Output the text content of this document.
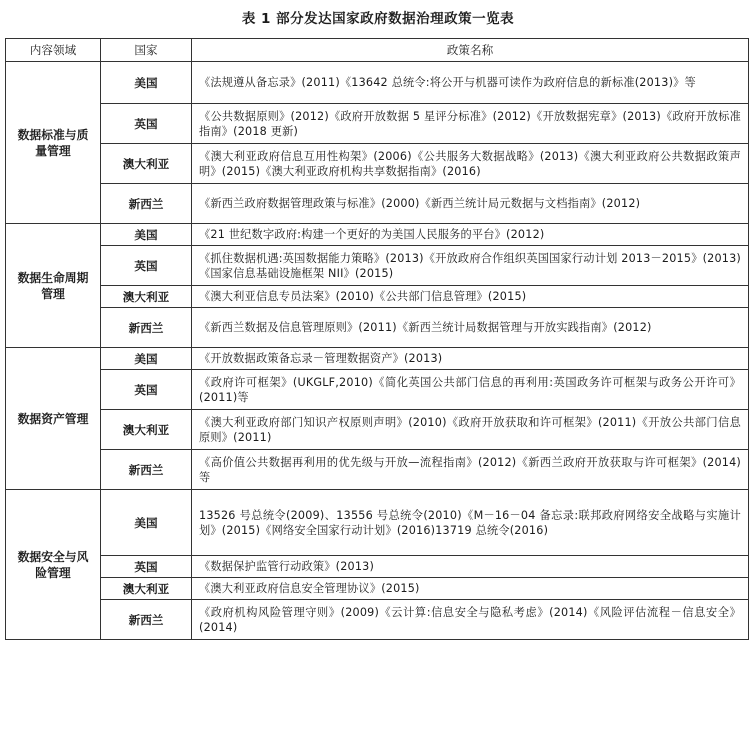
表 1 部分发达国家政府数据治理政策一览表
内容领域	国家	政策名称
数据标准与质量管理	美国	《法规遵从备忘录》(2011)《13642 总统令:将公开与机器可读作为政府信息的新标准(2013)》等
	英国	《公共数据原则》(2012)《政府开放数据 5 星评分标准》(2012)《开放数据宪章》(2013)《政府开放标准指南》(2018 更新)
	澳大利亚	《澳大利亚政府信息互用性构架》(2006)《公共服务大数据战略》(2013)《澳大利亚政府公共数据政策声明》(2015)《澳大利亚政府机构共享数据指南》(2016)
	新西兰	《新西兰政府数据管理政策与标准》(2000)《新西兰统计局元数据与文档指南》(2012)
数据生命周期管理	美国	《21 世纪数字政府:构建一个更好的为美国人民服务的平台》(2012)
	英国	《抓住数据机遇:英国数据能力策略》(2013)《开放政府合作组织英国国家行动计划 2013－2015》(2013)《国家信息基础设施框架 NII》(2015)
	澳大利亚	《澳大利亚信息专员法案》(2010)《公共部门信息管理》(2015)
	新西兰	《新西兰数据及信息管理原则》(2011)《新西兰统计局数据管理与开放实践指南》(2012)
数据资产管理	美国	《开放数据政策备忘录－管理数据资产》(2013)
	英国	《政府许可框架》(UKGLF,2010)《简化英国公共部门信息的再利用:英国政务许可框架与政务公开许可》(2011)等
	澳大利亚	《澳大利亚政府部门知识产权原则声明》(2010)《政府开放获取和许可框架》(2011)《开放公共部门信息原则》(2011)
	新西兰	《高价值公共数据再利用的优先级与开放—流程指南》(2012)《新西兰政府开放获取与许可框架》(2014)等
数据安全与风险管理	美国	13526 号总统令(2009)、13556 号总统令(2010)《M－16－04 备忘录:联邦政府网络安全战略与实施计划》(2015)《网络安全国家行动计划》(2016)13719 总统令(2016)
	英国	《数据保护监管行动政策》(2013)
	澳大利亚	《澳大利亚政府信息安全管理协议》(2015)
	新西兰	《政府机构风险管理守则》(2009)《云计算:信息安全与隐私考虑》(2014)《风险评估流程－信息安全》(2014)
